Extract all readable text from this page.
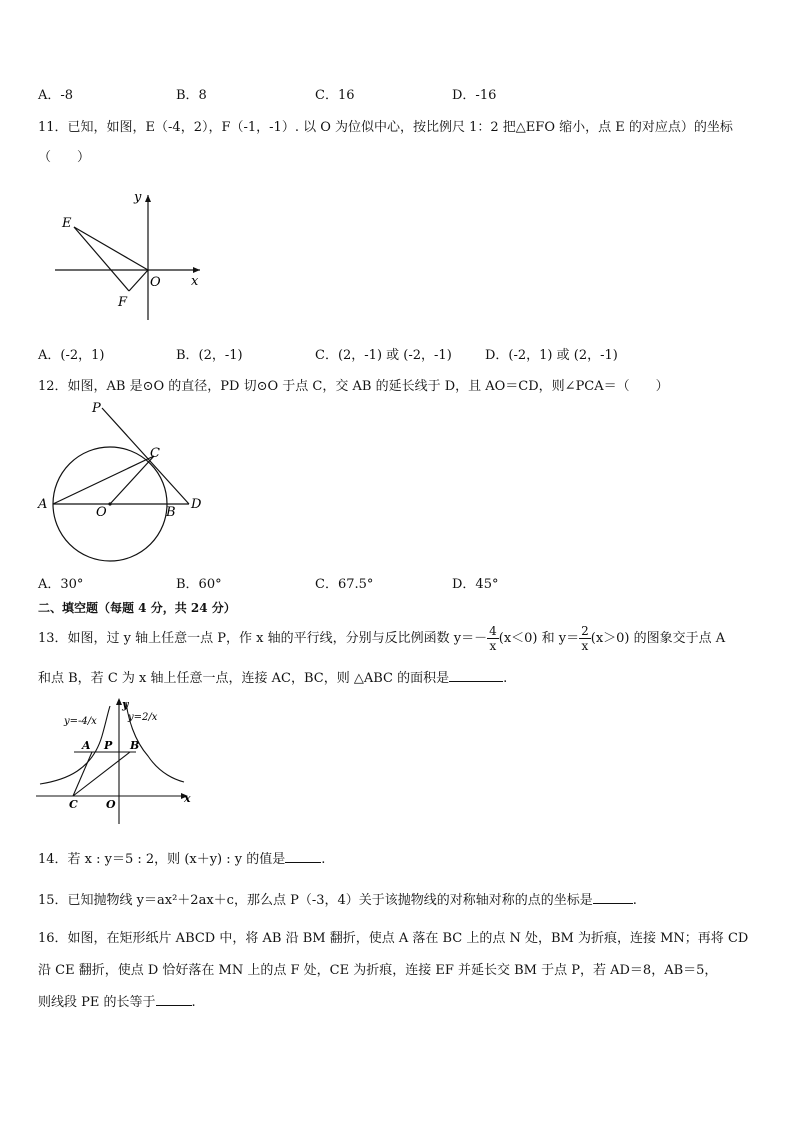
A．-8	B．8	C．16	D．-16
11．已知，如图，E（-4，2），F（-1，-1）. 以 O 为位似中心，按比例尺 1：2 把△EFO 缩小，点 E 的对应点）的坐标
（　　）
E
F
O x
y
A．(-2，1)	B．(2，-1)	C．(2，-1) 或 (-2，-1)	D．(-2，1) 或 (2，-1)
12．如图，AB 是⊙O 的直径，PD 切⊙O 于点 C，交 AB 的延长线于 D，且 AO＝CD，则∠PCA＝（　　）
P
C
A
O	B
D
A．30°	B．60°	C．67.5°	D．45°
二、填空题（每题 4 分，共 24 分）
13．如图，过 y 轴上任意一点 P，作 x 轴的平行线，分别与反比例函数 $y=- \frac{4}{x} (x<0)$ 和 $y= \frac{2}{x} (x>0)$ 的图象交于点 A
和点 B，若 C 为 x 轴上任意一点，连接 AC，BC，则 △ABC 的面积是	.
y=-4/x	y=2/x
A P B
C	O	x
y
14．若 x : y＝5 : 2，则 (x＋y) : y 的值是	.
15．已知抛物线 y＝ax²＋2ax＋c，那么点 P（-3，4）关于该抛物线的对称轴对称的点的坐标是	.
16．如图，在矩形纸片 ABCD 中，将 AB 沿 BM 翻折，使点 A 落在 BC 上的点 N 处，BM 为折痕，连接 MN；再将 CD
沿 CE 翻折，使点 D 恰好落在 MN 上的点 F 处，CE 为折痕，连接 EF 并延长交 BM 于点 P，若 AD＝8，AB＝5，
则线段 PE 的长等于	.
